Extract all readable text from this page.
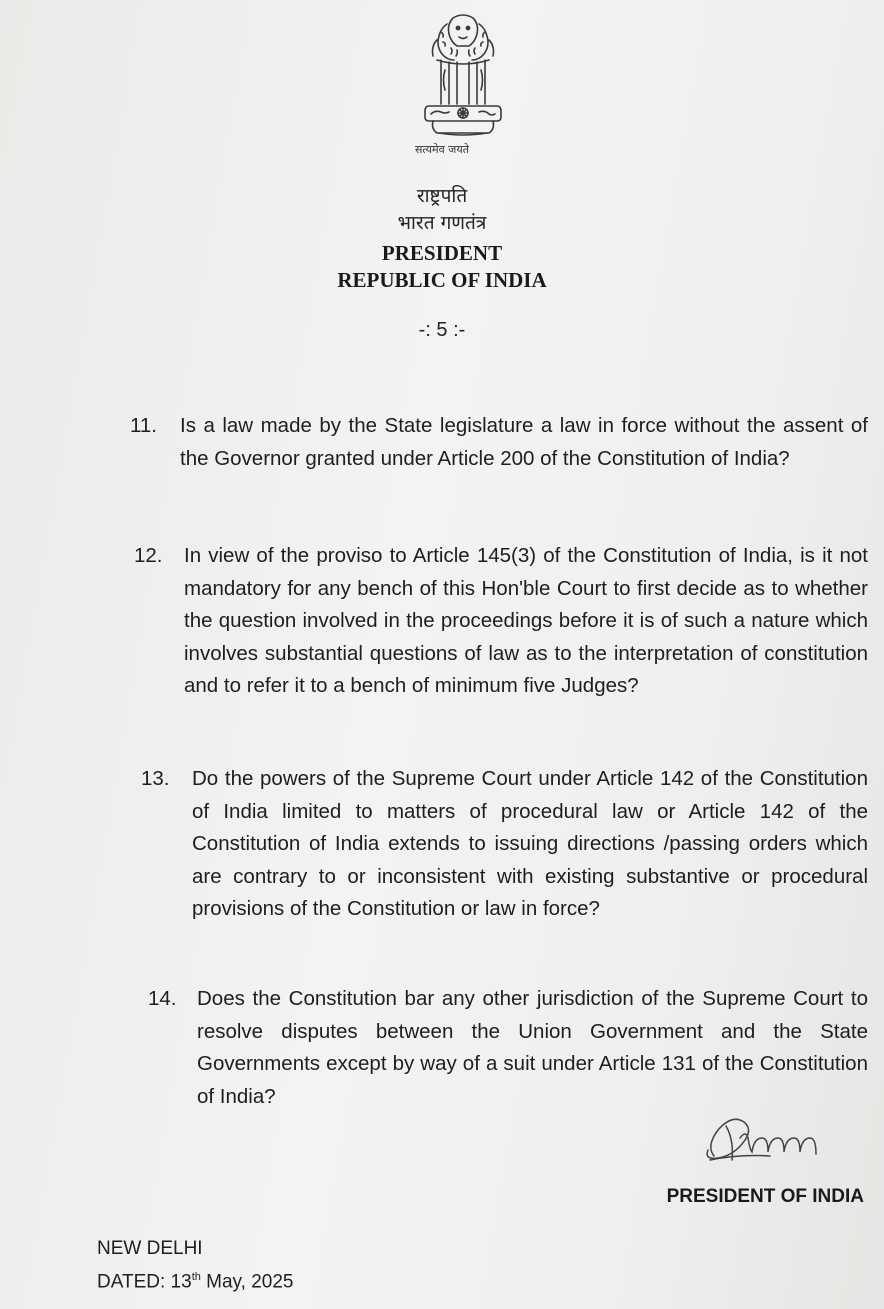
सत्यमेव जयते
राष्ट्रपति
भारत गणतंत्र
PRESIDENT
REPUBLIC OF INDIA
-: 5 :-
11. Is a law made by the State legislature a law in force without the assent of the Governor granted under Article 200 of the Constitution of India?
12. In view of the proviso to Article 145(3) of the Constitution of India, is it not mandatory for any bench of this Hon'ble Court to first decide as to whether the question involved in the proceedings before it is of such a nature which involves substantial questions of law as to the interpretation of constitution and to refer it to a bench of minimum five Judges?
13. Do the powers of the Supreme Court under Article 142 of the Constitution of India limited to matters of procedural law or Article 142 of the Constitution of India extends to issuing directions /passing orders which are contrary to or inconsistent with existing substantive or procedural provisions of the Constitution or law in force?
14. Does the Constitution bar any other jurisdiction of the Supreme Court to resolve disputes between the Union Government and the State Governments except by way of a suit under Article 131 of the Constitution of India?
PRESIDENT OF INDIA
NEW DELHI
DATED: 13th May, 2025
